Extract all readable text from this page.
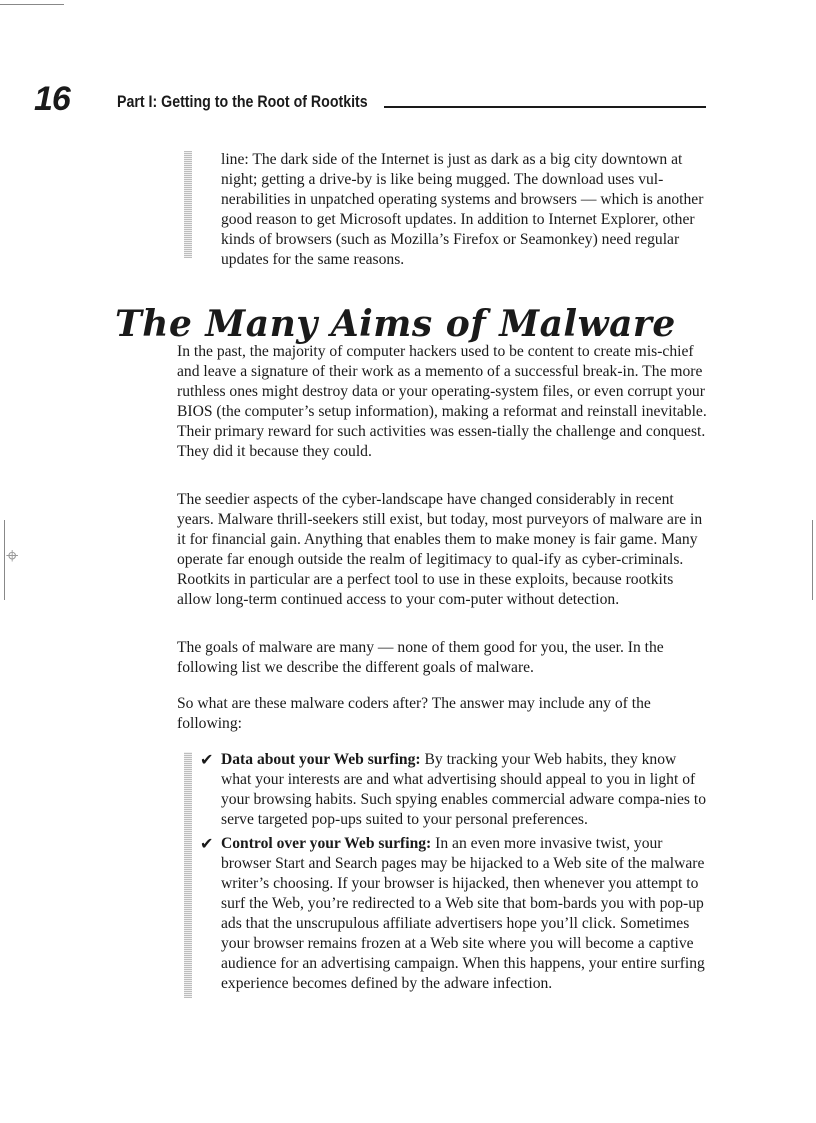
⌖
16	Part I: Getting to the Root of Rootkits

line: The dark side of the Internet is just as dark as a big city downtown at night; getting a drive-by is like being mugged. The download uses vul-nerabilities in unpatched operating systems and browsers — which is another good reason to get Microsoft updates. In addition to Internet Explorer, other kinds of browsers (such as Mozilla’s Firefox or Seamonkey) need regular updates for the same reasons.

The Many Aims of Malware

In the past, the majority of computer hackers used to be content to create mis-chief and leave a signature of their work as a memento of a successful break-in. The more ruthless ones might destroy data or your operating-system files, or even corrupt your BIOS (the computer’s setup information), making a reformat and reinstall inevitable. Their primary reward for such activities was essen-tially the challenge and conquest. They did it because they could.

The seedier aspects of the cyber-landscape have changed considerably in recent years. Malware thrill-seekers still exist, but today, most purveyors of malware are in it for financial gain. Anything that enables them to make money is fair game. Many operate far enough outside the realm of legitimacy to qual-ify as cyber-criminals. Rootkits in particular are a perfect tool to use in these exploits, because rootkits allow long-term continued access to your com-puter without detection.

The goals of malware are many — none of them good for you, the user. In the following list we describe the different goals of malware.

So what are these malware coders after? The answer may include any of the following:

✔ Data about your Web surfing: By tracking your Web habits, they know what your interests are and what advertising should appeal to you in light of your browsing habits. Such spying enables commercial adware compa-nies to serve targeted pop-ups suited to your personal preferences.

✔ Control over your Web surfing: In an even more invasive twist, your browser Start and Search pages may be hijacked to a Web site of the malware writer’s choosing. If your browser is hijacked, then whenever you attempt to surf the Web, you’re redirected to a Web site that bom-bards you with pop-up ads that the unscrupulous affiliate advertisers hope you’ll click. Sometimes your browser remains frozen at a Web site where you will become a captive audience for an advertising campaign. When this happens, your entire surfing experience becomes defined by the adware infection.
